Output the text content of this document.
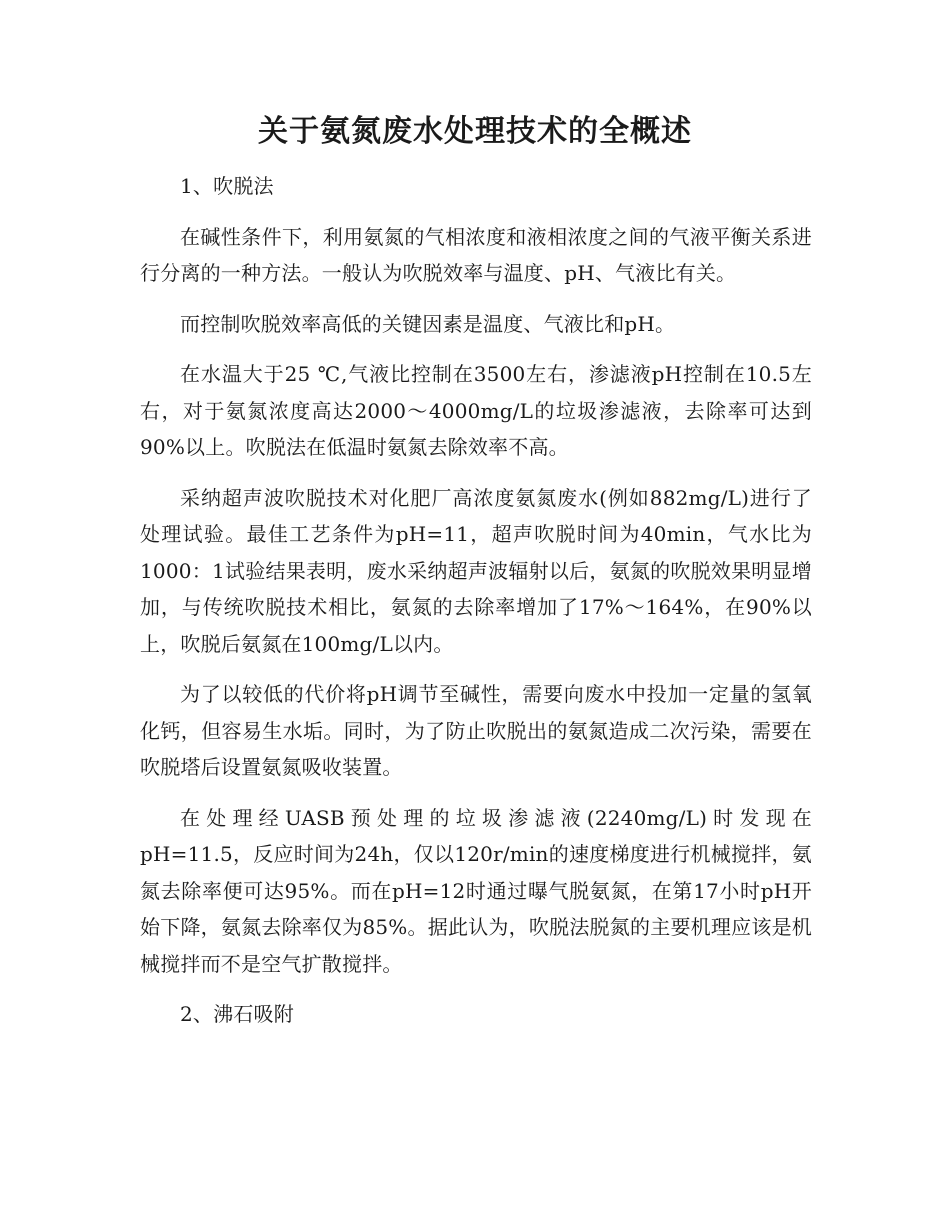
关于氨氮废水处理技术的全概述

1、吹脱法

在碱性条件下，利用氨氮的气相浓度和液相浓度之间的气液平衡关系进行分离的一种方法。一般认为吹脱效率与温度、pH、气液比有关。

而控制吹脱效率高低的关键因素是温度、气液比和pH。

在水温大于25 ℃,气液比控制在3500左右，渗滤液pH控制在10.5左右，对于氨氮浓度高达2000～4000mg/L的垃圾渗滤液，去除率可达到90%以上。吹脱法在低温时氨氮去除效率不高。

采纳超声波吹脱技术对化肥厂高浓度氨氮废水(例如882mg/L)进行了处理试验。最佳工艺条件为pH=11，超声吹脱时间为40min，气水比为1000：1试验结果表明，废水采纳超声波辐射以后，氨氮的吹脱效果明显增加，与传统吹脱技术相比，氨氮的去除率增加了17%～164%，在90%以上，吹脱后氨氮在100mg/L以内。

为了以较低的代价将pH调节至碱性，需要向废水中投加一定量的氢氧化钙，但容易生水垢。同时，为了防止吹脱出的氨氮造成二次污染，需要在吹脱塔后设置氨氮吸收装置。

在处理经UASB预处理的垃圾渗滤液(2240mg/L)时发现在pH=11.5，反应时间为24h，仅以120r/min的速度梯度进行机械搅拌，氨氮去除率便可达95%。而在pH=12时通过曝气脱氨氮，在第17小时pH开始下降，氨氮去除率仅为85%。据此认为，吹脱法脱氮的主要机理应该是机械搅拌而不是空气扩散搅拌。

2、沸石吸附
